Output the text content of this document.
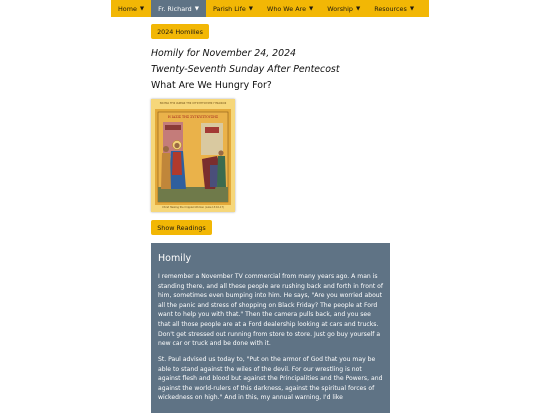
Home ▼ Fr. Richard ▼ Parish Life ▼ Who We Are ▼ Worship ▼ Resources ▼
2024 Homilies
Homily for November 24, 2024
Twenty-Seventh Sunday After Pentecost
What Are We Hungry For?
ΘΑΥΜΑ ΤΗΣ ΙΑΣΕΩΣ ΤΗΣ ΣΥΓΚΥΠΤΟΥΣΗΣ ΓΥΝΑΙΚΟΣ
Η ΙΑΣΙΣ ΤΗΣ ΣΥΓΚΥΠΤΟΥΣΗΣ
Christ Healing the Crippled Woman (Luke 13:10-17)
Show Readings
Homily

I remember a November TV commercial from many years ago. A man is standing there, and all these people are rushing back and forth in front of him, sometimes even bumping into him. He says, "Are you worried about all the panic and stress of shopping on Black Friday? The people at Ford want to help you with that." Then the camera pulls back, and you see that all those people are at a Ford dealership looking at cars and trucks. Don't get stressed out running from store to store. Just go buy yourself a new car or truck and be done with it.

St. Paul advised us today to, "Put on the armor of God that you may be able to stand against the wiles of the devil. For our wrestling is not against flesh and blood but against the Principalities and the Powers, and against the world-rulers of this darkness, against the spiritual forces of wickedness on high." And in this, my annual warning, I'd like
